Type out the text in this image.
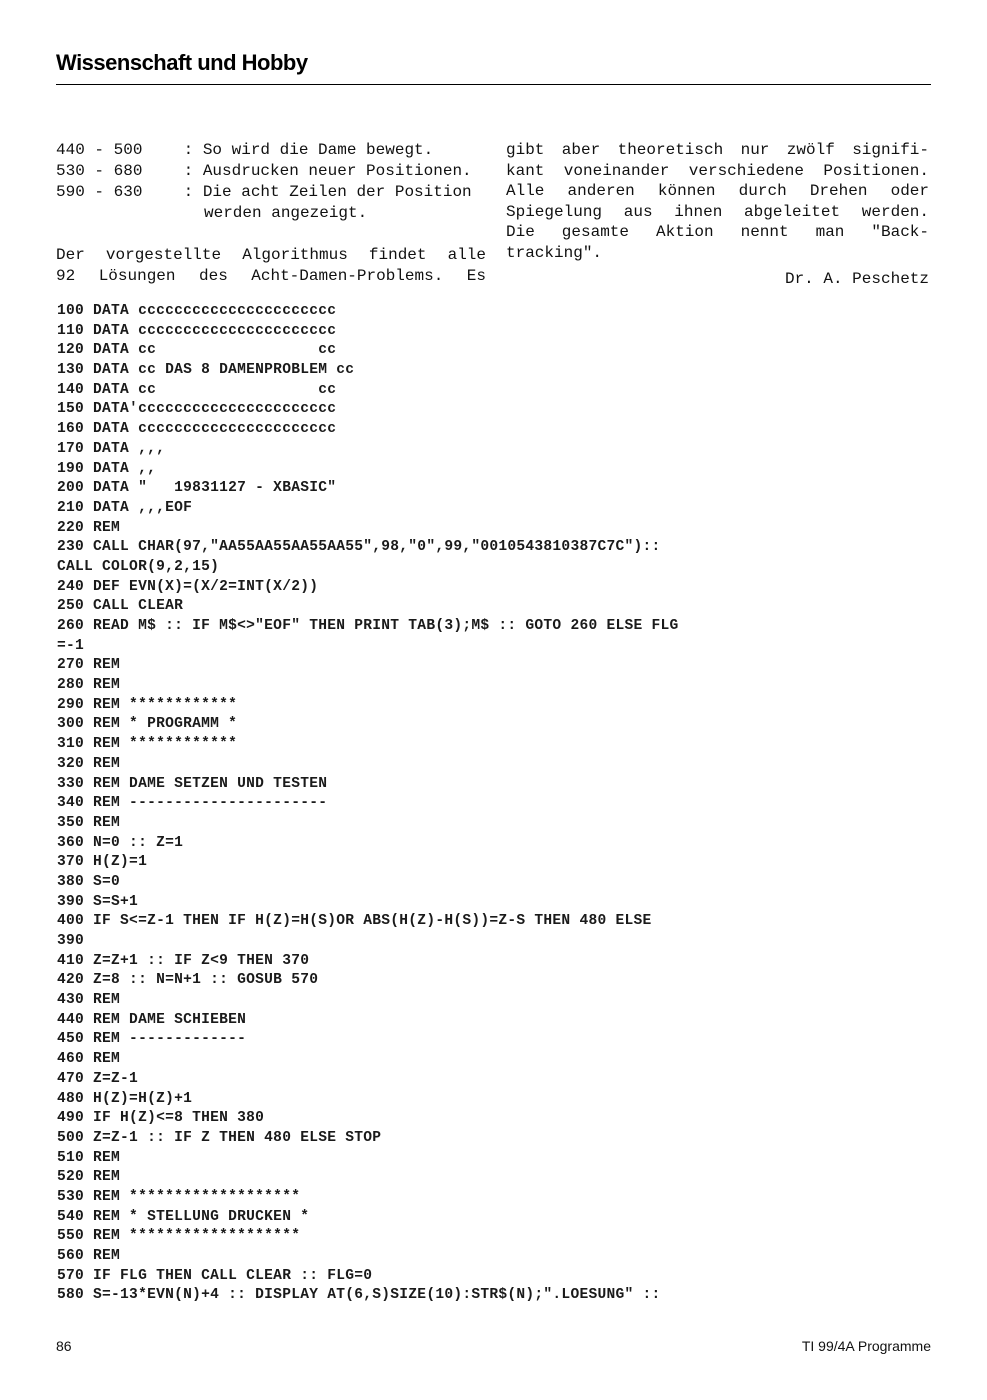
Wissenschaft und Hobby
440 - 500	: So wird die Dame bewegt.
530 - 680	: Ausdrucken neuer Positionen.
590 - 630	: Die acht Zeilen der Position
werden angezeigt.
Der vorgestellte Algorithmus findet alle
92 Lösungen des Acht-Damen-Problems. Es
gibt aber theoretisch nur zwölf signifi-
kant voneinander verschiedene Positionen.
Alle anderen können durch Drehen oder
Spiegelung aus ihnen abgeleitet werden.
Die gesamte Aktion nennt man "Back-
tracking".
Dr. A. Peschetz
100 DATA cccccccccccccccccccccc
110 DATA cccccccccccccccccccccc
120 DATA cc                  cc
130 DATA cc DAS 8 DAMENPROBLEM cc
140 DATA cc                  cc
150 DATA'cccccccccccccccccccccc
160 DATA cccccccccccccccccccccc
170 DATA ,,,
190 DATA ,,
200 DATA "   19831127 - XBASIC"
210 DATA ,,,EOF
220 REM
230 CALL CHAR(97,"AA55AA55AA55AA55",98,"0",99,"0010543810387C7C")::
CALL COLOR(9,2,15)
240 DEF EVN(X)=(X/2=INT(X/2))
250 CALL CLEAR
260 READ M$ :: IF M$<>"EOF" THEN PRINT TAB(3);M$ :: GOTO 260 ELSE FLG
=-1
270 REM
280 REM
290 REM ************
300 REM * PROGRAMM *
310 REM ************
320 REM
330 REM DAME SETZEN UND TESTEN
340 REM ----------------------
350 REM
360 N=0 :: Z=1
370 H(Z)=1
380 S=0
390 S=S+1
400 IF S<=Z-1 THEN IF H(Z)=H(S)OR ABS(H(Z)-H(S))=Z-S THEN 480 ELSE
390
410 Z=Z+1 :: IF Z<9 THEN 370
420 Z=8 :: N=N+1 :: GOSUB 570
430 REM
440 REM DAME SCHIEBEN
450 REM -------------
460 REM
470 Z=Z-1
480 H(Z)=H(Z)+1
490 IF H(Z)<=8 THEN 380
500 Z=Z-1 :: IF Z THEN 480 ELSE STOP
510 REM
520 REM
530 REM *******************
540 REM * STELLUNG DRUCKEN *
550 REM *******************
560 REM
570 IF FLG THEN CALL CLEAR :: FLG=0
580 S=-13*EVN(N)+4 :: DISPLAY AT(6,S)SIZE(10):STR$(N);".LOESUNG" ::
86	TI 99/4A Programme
